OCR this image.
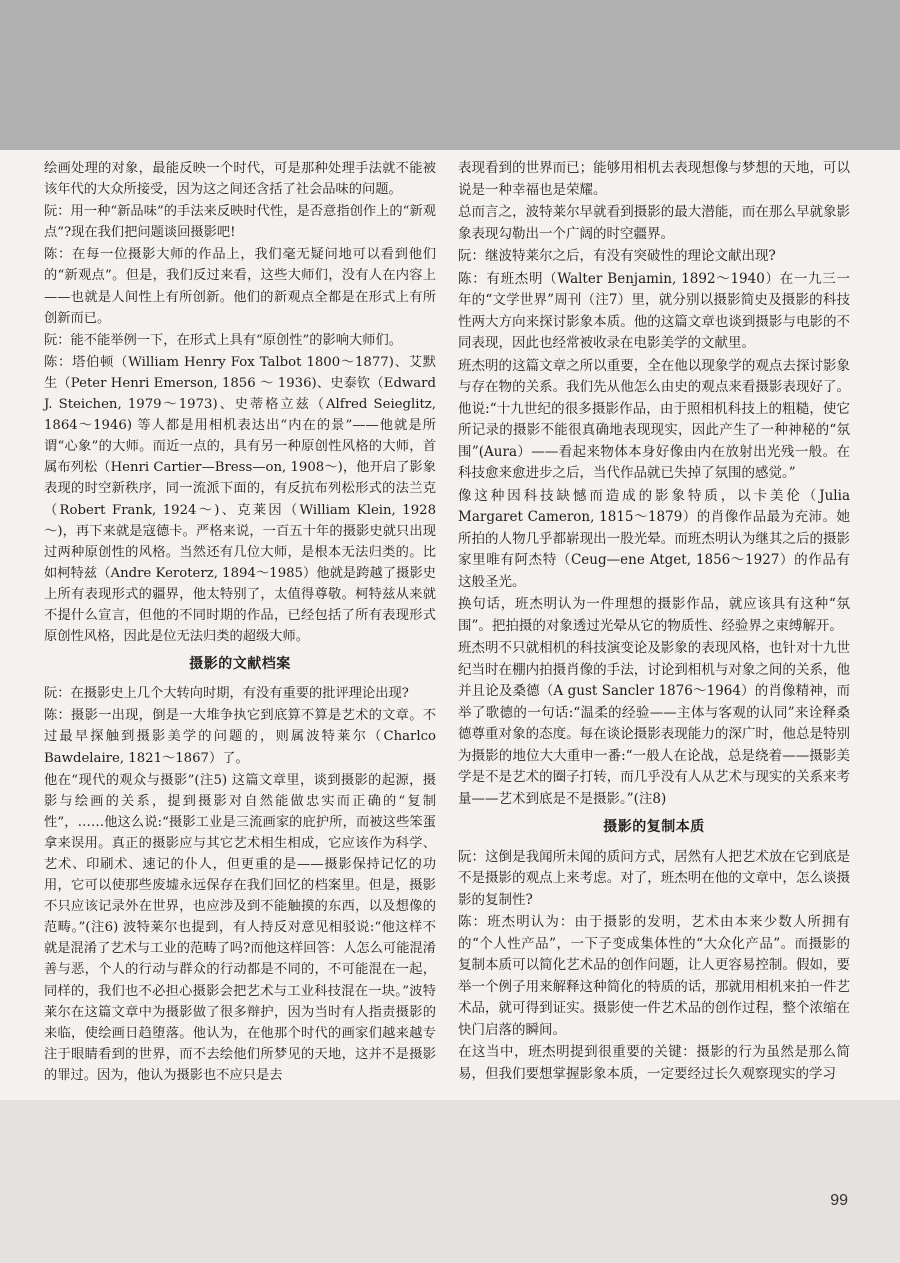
绘画处理的对象，最能反映一个时代，可是那种处理手法就不能被该年代的大众所接受，因为这之间还含括了社会品味的问题。

阮：用一种“新品味”的手法来反映时代性，是否意指创作上的“新观点”?现在我们把问题谈回摄影吧!

陈：在每一位摄影大师的作品上，我们毫无疑问地可以看到他们的“新观点”。但是，我们反过来看，这些大师们，没有人在内容上——也就是人间性上有所创新。他们的新观点全都是在形式上有所创新而已。

阮：能不能举例一下，在形式上具有“原创性”的影响大师们。

陈：塔伯顿（William Henry Fox Talbot 1800～1877)、艾默生（Peter Henri Emerson, 1856 ～ 1936)、史泰钦（Edward J. Steichen, 1979～1973)、史蒂格立兹（Alfred Seieglitz, 1864～1946) 等人都是用相机表达出“内在的景”——他就是所谓“心象”的大师。而近一点的，具有另一种原创性风格的大师，首属布列松（Henri Cartier—Bress—on, 1908～)，他开启了影象表现的时空新秩序，同一流派下面的，有反抗布列松形式的法兰克（Robert Frank, 1924～)、克莱因（William Klein, 1928～)，再下来就是寇德卡。严格来说，一百五十年的摄影史就只出现过两种原创性的风格。当然还有几位大师，是根本无法归类的。比如柯特兹（Andre Keroterz, 1894～1985）他就是跨越了摄影史上所有表现形式的疆界，他太特别了，太值得尊敬。柯特兹从来就不提什么宣言，但他的不同时期的作品，已经包括了所有表现形式原创性风格，因此是位无法归类的超级大师。

摄影的文献档案

阮：在摄影史上几个大转向时期，有没有重要的批评理论出现?

陈：摄影一出现，倒是一大堆争执它到底算不算是艺术的文章。不过最早探触到摄影美学的问题的，则属波特莱尔（Charlco Bawdelaire, 1821～1867）了。

他在“现代的观众与摄影”(注5) 这篇文章里，谈到摄影的起源，摄影与绘画的关系，提到摄影对自然能做忠实而正确的“复制性”，……他这么说:“摄影工业是三流画家的庇护所，而被这些笨蛋拿来误用。真正的摄影应与其它艺术相生相成，它应该作为科学、艺术、印刷术、速记的仆人，但更重的是——摄影保持记忆的功用，它可以使那些废墟永远保存在我们回忆的档案里。但是，摄影不只应该记录外在世界，也应涉及到不能触摸的东西，以及想像的范畴。”(注6) 波特莱尔也提到，有人持反对意见相驳说:“他这样不就是混淆了艺术与工业的范畴了吗?而他这样回答：人怎么可能混淆善与恶，个人的行动与群众的行动都是不同的，不可能混在一起，同样的，我们也不必担心摄影会把艺术与工业科技混在一块。”波特莱尔在这篇文章中为摄影做了很多辩护，因为当时有人指责摄影的来临，使绘画日趋堕落。他认为，在他那个时代的画家们越来越专注于眼睛看到的世界，而不去绘他们所梦见的天地，这并不是摄影的罪过。因为，他认为摄影也不应只是去

表现看到的世界而已；能够用相机去表现想像与梦想的天地，可以说是一种幸福也是荣耀。

总而言之，波特莱尔早就看到摄影的最大潜能，而在那么早就象影象表现勾勒出一个广阔的时空疆界。

阮：继波特莱尔之后，有没有突破性的理论文献出现?

陈：有班杰明（Walter Benjamin, 1892～1940）在一九三一年的“文学世界”周刊（注7）里，就分别以摄影简史及摄影的科技性两大方向来探讨影象本质。他的这篇文章也谈到摄影与电影的不同表现，因此也经常被收录在电影美学的文献里。

班杰明的这篇文章之所以重要，全在他以现象学的观点去探讨影象与存在物的关系。我们先从他怎么由史的观点来看摄影表现好了。他说:“十九世纪的很多摄影作品，由于照相机科技上的粗糙，使它所记录的摄影不能很真确地表现现实，因此产生了一种神秘的“氛围”(Aura）——看起来物体本身好像由内在放射出光残一般。在科技愈来愈进步之后，当代作品就已失掉了氛围的感觉。”

像这种因科技缺憾而造成的影象特质，以卡美伦（Julia Margaret Cameron, 1815～1879）的肖像作品最为充沛。她所拍的人物几乎都崭现出一股光晕。而班杰明认为继其之后的摄影家里唯有阿杰特（Ceug—ene Atget, 1856～1927）的作品有这般圣光。

换句话，班杰明认为一件理想的摄影作品，就应该具有这种“氛围”。把拍摄的对象透过光晕从它的物质性、经验界之束缚解开。

班杰明不只就相机的科技演变论及影象的表现风格，也针对十九世纪当时在棚内拍摄肖像的手法，讨论到相机与对象之间的关系，他并且论及桑德（A gust Sancler 1876～1964）的肖像精神，而举了歌德的一句话:“温柔的经验——主体与客观的认同”来诠释桑德尊重对象的态度。每在谈论摄影表现能力的深广时，他总是特别为摄影的地位大大重申一番:“一般人在论战，总是绕着——摄影美学是不是艺术的圈子打转，而几乎没有人从艺术与现实的关系来考量——艺术到底是不是摄影。”(注8)

摄影的复制本质

阮：这倒是我闻所未闻的质问方式，居然有人把艺术放在它到底是不是摄影的观点上来考虑。对了，班杰明在他的文章中，怎么谈摄影的复制性?

陈：班杰明认为：由于摄影的发明，艺术由本来少数人所拥有的“个人性产品”，一下子变成集体性的“大众化产品”。而摄影的复制本质可以简化艺术品的创作问题，让人更容易控制。假如，要举一个例子用来解释这种简化的特质的话，那就用相机来拍一件艺术品，就可得到证实。摄影使一件艺术品的创作过程，整个浓缩在快门启落的瞬间。

在这当中，班杰明提到很重要的关键：摄影的行为虽然是那么简易，但我们要想掌握影象本质，一定要经过长久观察现实的学习

99
